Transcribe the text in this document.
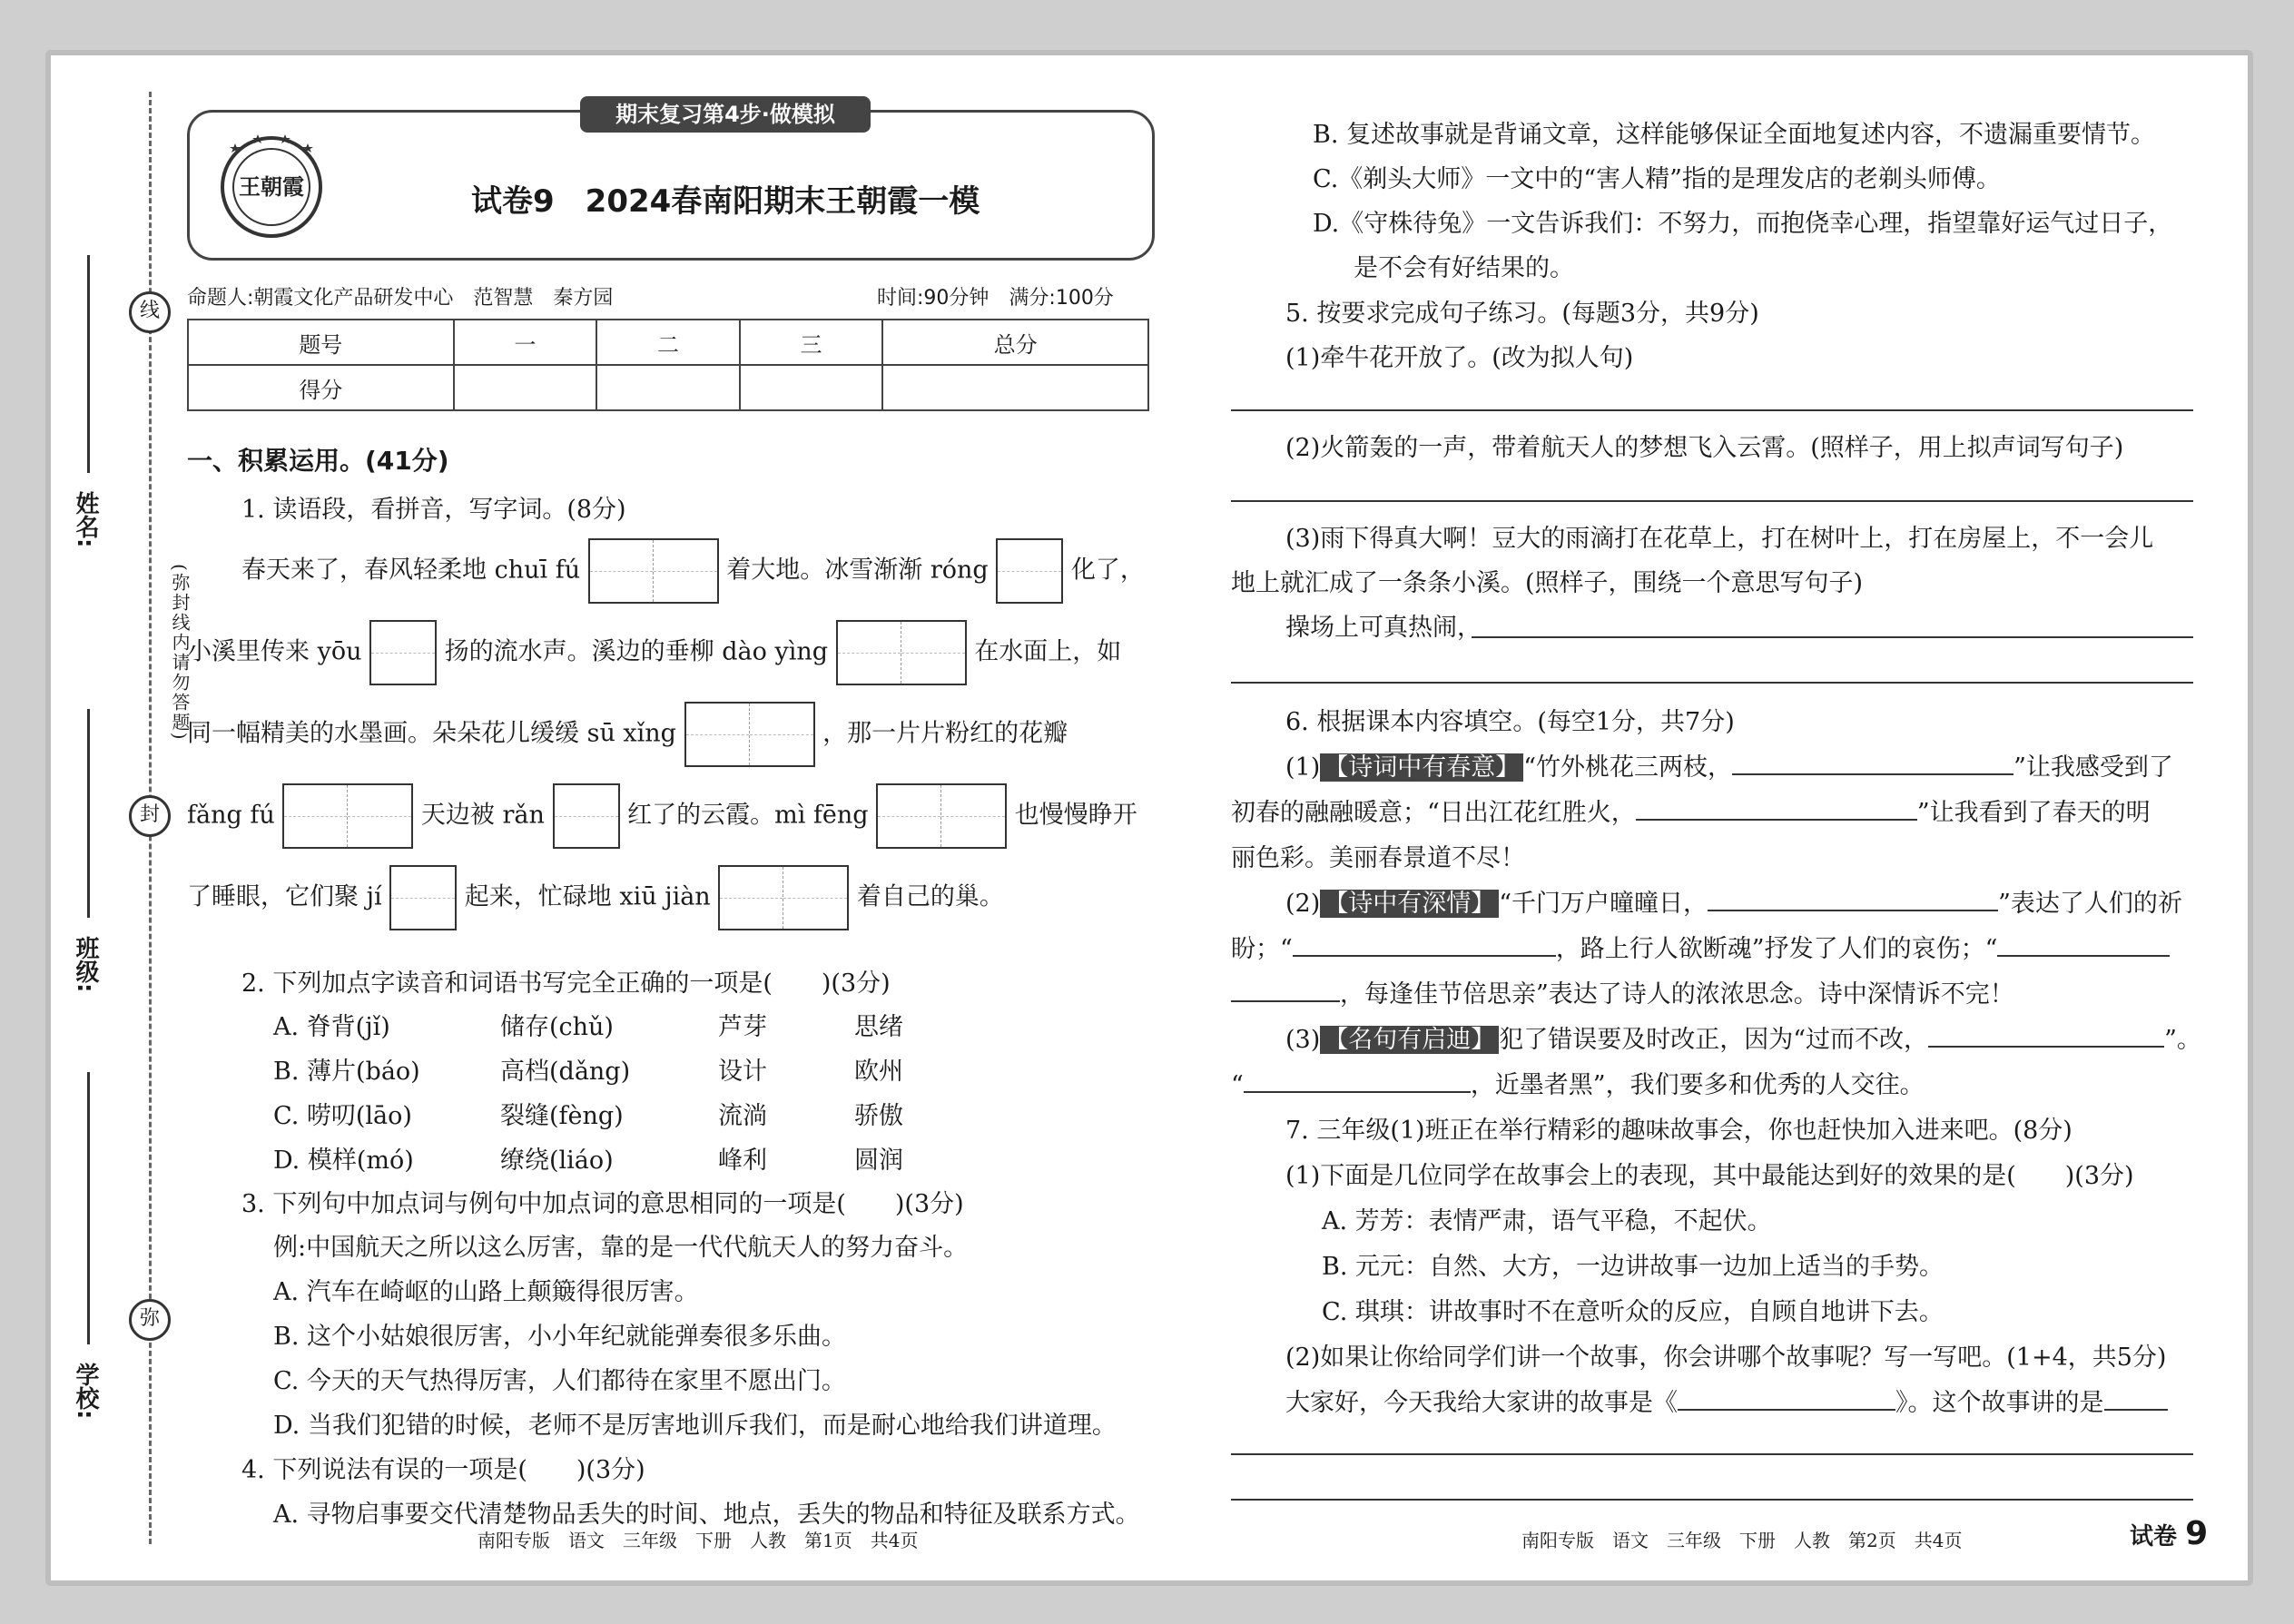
线
封
弥
姓名:
班级:
学校:
(弥封线内请勿答题)
期末复习第4步·做模拟
王朝霞	试卷9　2024春南阳期末王朝霞一模
命题人:朝霞文化产品研发中心　范智慧　秦方园	时间:90分钟　满分:100分
题号	一	二	三	总分
得分				
一、积累运用。(41分)
1. 读语段，看拼音，写字词。(8分)
春天来了，春风轻柔地 chuī fú	着大地。冰雪渐渐 róng	化了，
小溪里传来 yōu	扬的流水声。溪边的垂柳 dào yìng	在水面上，如
同一幅精美的水墨画。朵朵花儿缓缓 sū xǐng	，那一片片粉红的花瓣
fǎng fú	天边被 rǎn	红了的云霞。mì fēng	也慢慢睁开
了睡眼，它们聚 jí	起来，忙碌地 xiū jiàn	着自己的巢。
2. 下列加点字读音和词语书写完全正确的一项是(　　)(3分)
A. 脊背(jǐ)	储存(chǔ)	芦芽	思绪
B. 薄片(báo)	高档(dǎng)	设计	欧州
C. 唠叨(lāo)	裂缝(fèng)	流淌	骄傲
D. 模样(mó)	缭绕(liáo)	峰利	圆润
3. 下列句中加点词与例句中加点词的意思相同的一项是(　　)(3分)
例:中国航天之所以这么厉害，靠的是一代代航天人的努力奋斗。
A. 汽车在崎岖的山路上颠簸得很厉害。
B. 这个小姑娘很厉害，小小年纪就能弹奏很多乐曲。
C. 今天的天气热得厉害，人们都待在家里不愿出门。
D. 当我们犯错的时候，老师不是厉害地训斥我们，而是耐心地给我们讲道理。
4. 下列说法有误的一项是(　　)(3分)
A. 寻物启事要交代清楚物品丢失的时间、地点，丢失的物品和特征及联系方式。
南阳专版　语文　三年级　下册　人教　第1页　共4页
B. 复述故事就是背诵文章，这样能够保证全面地复述内容，不遗漏重要情节。
C.《剃头大师》一文中的“害人精”指的是理发店的老剃头师傅。
D.《守株待兔》一文告诉我们：不努力，而抱侥幸心理，指望靠好运气过日子，
是不会有好结果的。
5. 按要求完成句子练习。(每题3分，共9分)
(1)牵牛花开放了。(改为拟人句)
(2)火箭轰的一声，带着航天人的梦想飞入云霄。(照样子，用上拟声词写句子)
(3)雨下得真大啊！豆大的雨滴打在花草上，打在树叶上，打在房屋上，不一会儿
地上就汇成了一条条小溪。(照样子，围绕一个意思写句子)
操场上可真热闹，
6. 根据课本内容填空。(每空1分，共7分)
(1) 【诗词中有春意】 “竹外桃花三两枝，	”让我感受到了
初春的融融暖意；“日出江花红胜火，	”让我看到了春天的明
丽色彩。美丽春景道不尽！
(2) 【诗中有深情】 “千门万户曈曈日，	”表达了人们的祈
盼；“	，路上行人欲断魂”抒发了人们的哀伤；“
，每逢佳节倍思亲”表达了诗人的浓浓思念。诗中深情诉不完！
(3) 【名句有启迪】 犯了错误要及时改正，因为“过而不改，	”。
“	，近墨者黑”，我们要多和优秀的人交往。
7. 三年级(1)班正在举行精彩的趣味故事会，你也赶快加入进来吧。(8分)
(1)下面是几位同学在故事会上的表现，其中最能达到好的效果的是(　　)(3分)
A. 芳芳：表情严肃，语气平稳，不起伏。
B. 元元：自然、大方，一边讲故事一边加上适当的手势。
C. 琪琪：讲故事时不在意听众的反应，自顾自地讲下去。
(2)如果让你给同学们讲一个故事，你会讲哪个故事呢？写一写吧。(1+4，共5分)
大家好，今天我给大家讲的故事是《	》。这个故事讲的是
南阳专版　语文　三年级　下册　人教　第2页　共4页	试卷 9
